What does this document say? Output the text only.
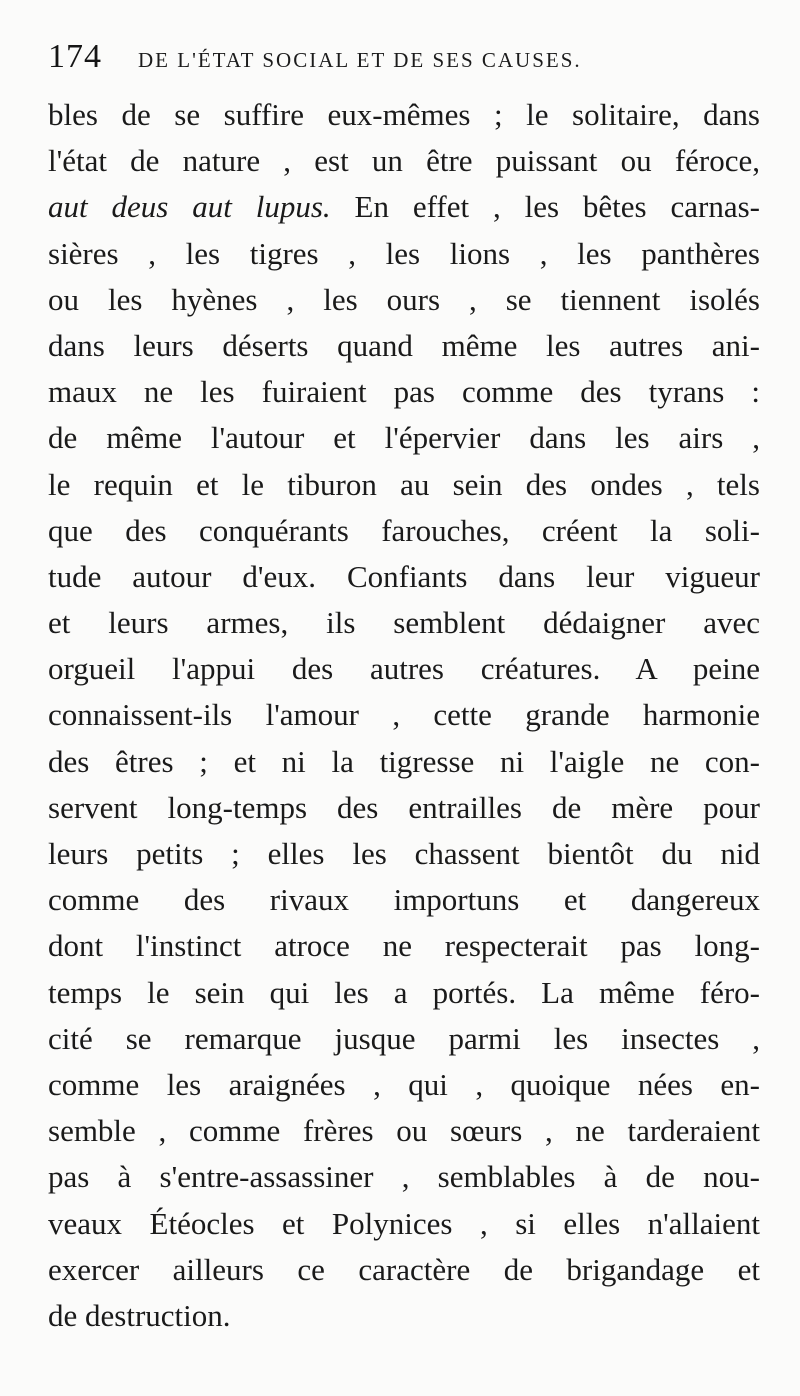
174	DE L'ÉTAT SOCIAL ET DE SES CAUSES.
bles de se suffire eux-mêmes ; le solitaire, dans
l'état de nature , est un être puissant ou féroce,
aut deus aut lupus. En effet , les bêtes carnas-
sières , les tigres , les lions , les panthères
ou les hyènes , les ours , se tiennent isolés
dans leurs déserts quand même les autres ani-
maux ne les fuiraient pas comme des tyrans :
de même l'autour et l'épervier dans les airs ,
le requin et le tiburon au sein des ondes , tels
que des conquérants farouches, créent la soli-
tude autour d'eux. Confiants dans leur vigueur
et leurs armes, ils semblent dédaigner avec
orgueil l'appui des autres créatures. A peine
connaissent-ils l'amour , cette grande harmonie
des êtres ; et ni la tigresse ni l'aigle ne con-
servent long-temps des entrailles de mère pour
leurs petits ; elles les chassent bientôt du nid
comme des rivaux importuns et dangereux
dont l'instinct atroce ne respecterait pas long-
temps le sein qui les a portés. La même féro-
cité se remarque jusque parmi les insectes ,
comme les araignées , qui , quoique nées en-
semble , comme frères ou sœurs , ne tarderaient
pas à s'entre-assassiner , semblables à de nou-
veaux Étéocles et Polynices , si elles n'allaient
exercer ailleurs ce caractère de brigandage et
de destruction.
